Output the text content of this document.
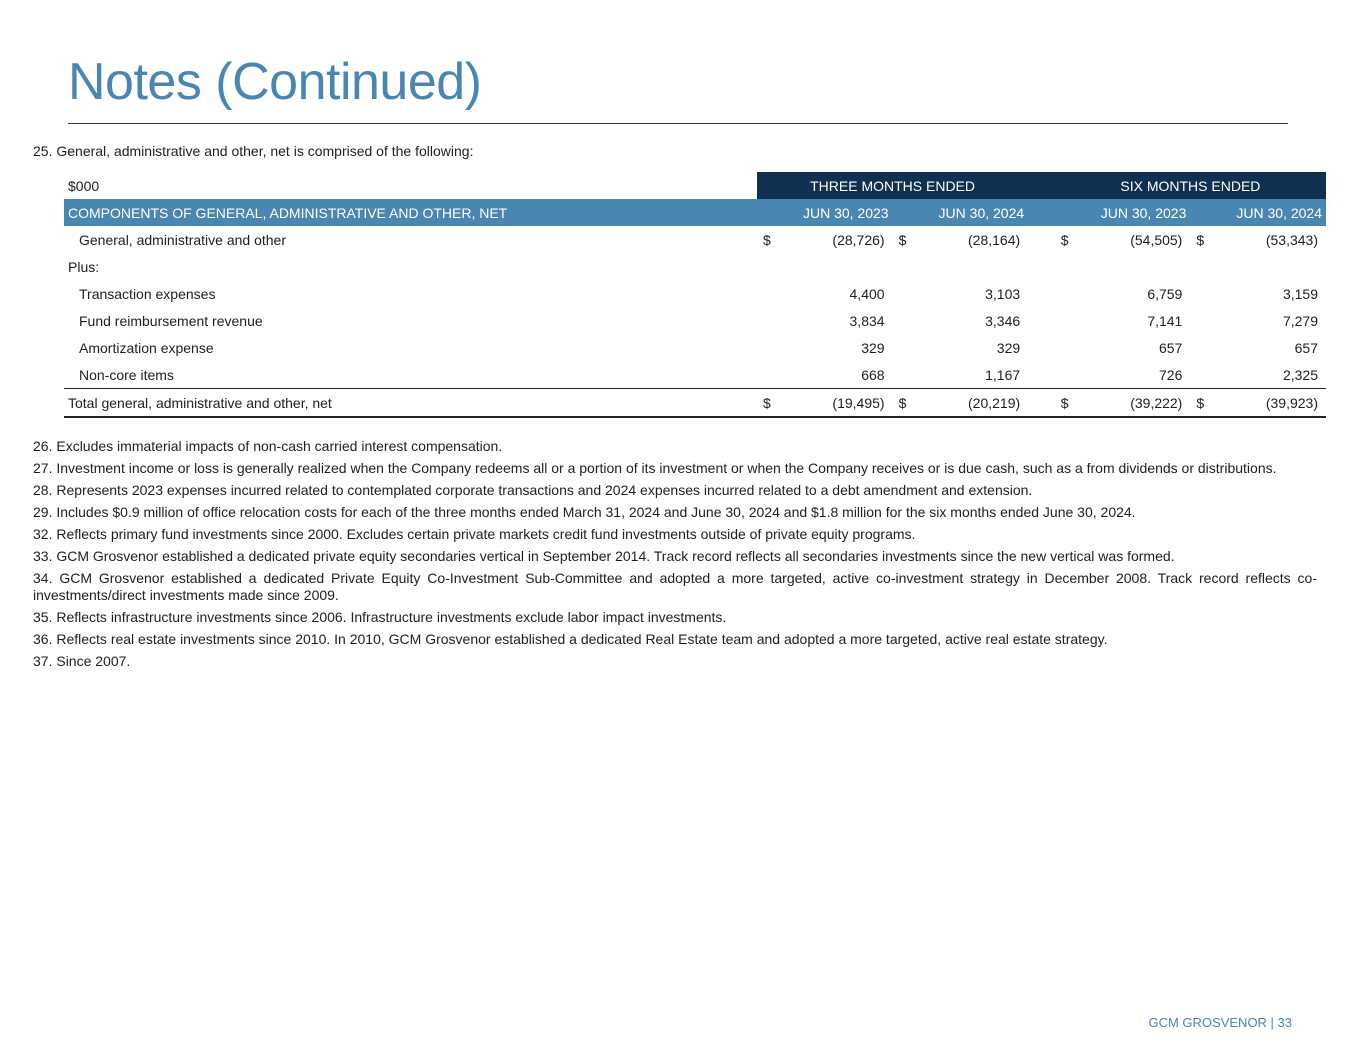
Notes (Continued)
25. General, administrative and other, net is comprised of the following:
$000	THREE MONTHS ENDED					SIX MONTHS ENDED			
COMPONENTS OF GENERAL, ADMINISTRATIVE AND OTHER, NET	JUN 30, 2023		JUN 30, 2024			JUN 30, 2023		JUN 30, 2024	
General, administrative and other	$	(28,726)	$	(28,164)		$	(54,505)	$	(53,343)
Plus:									
Transaction expenses		4,400		3,103			6,759		3,159
Fund reimbursement revenue		3,834		3,346			7,141		7,279
Amortization expense		329		329			657		657
Non-core items		668		1,167			726		2,325
Total general, administrative and other, net	$	(19,495)	$	(20,219)		$	(39,222)	$	(39,923)

26. Excludes immaterial impacts of non-cash carried interest compensation.

27. Investment income or loss is generally realized when the Company redeems all or a portion of its investment or when the Company receives or is due cash, such as a from dividends or distributions.

28. Represents 2023 expenses incurred related to contemplated corporate transactions and 2024 expenses incurred related to a debt amendment and extension.

29. Includes $0.9 million of office relocation costs for each of the three months ended March 31, 2024 and June 30, 2024 and $1.8 million for the six months ended June 30, 2024.

32. Reflects primary fund investments since 2000. Excludes certain private markets credit fund investments outside of private equity programs.

33. GCM Grosvenor established a dedicated private equity secondaries vertical in September 2014. Track record reflects all secondaries investments since the new vertical was formed.

34. GCM Grosvenor established a dedicated Private Equity Co-Investment Sub-Committee and adopted a more targeted, active co-investment strategy in December 2008. Track record reflects co-investments/direct investments made since 2009.

35. Reflects infrastructure investments since 2006. Infrastructure investments exclude labor impact investments.

36. Reflects real estate investments since 2010. In 2010, GCM Grosvenor established a dedicated Real Estate team and adopted a more targeted, active real estate strategy.

37. Since 2007.

GCM GROSVENOR | 33
